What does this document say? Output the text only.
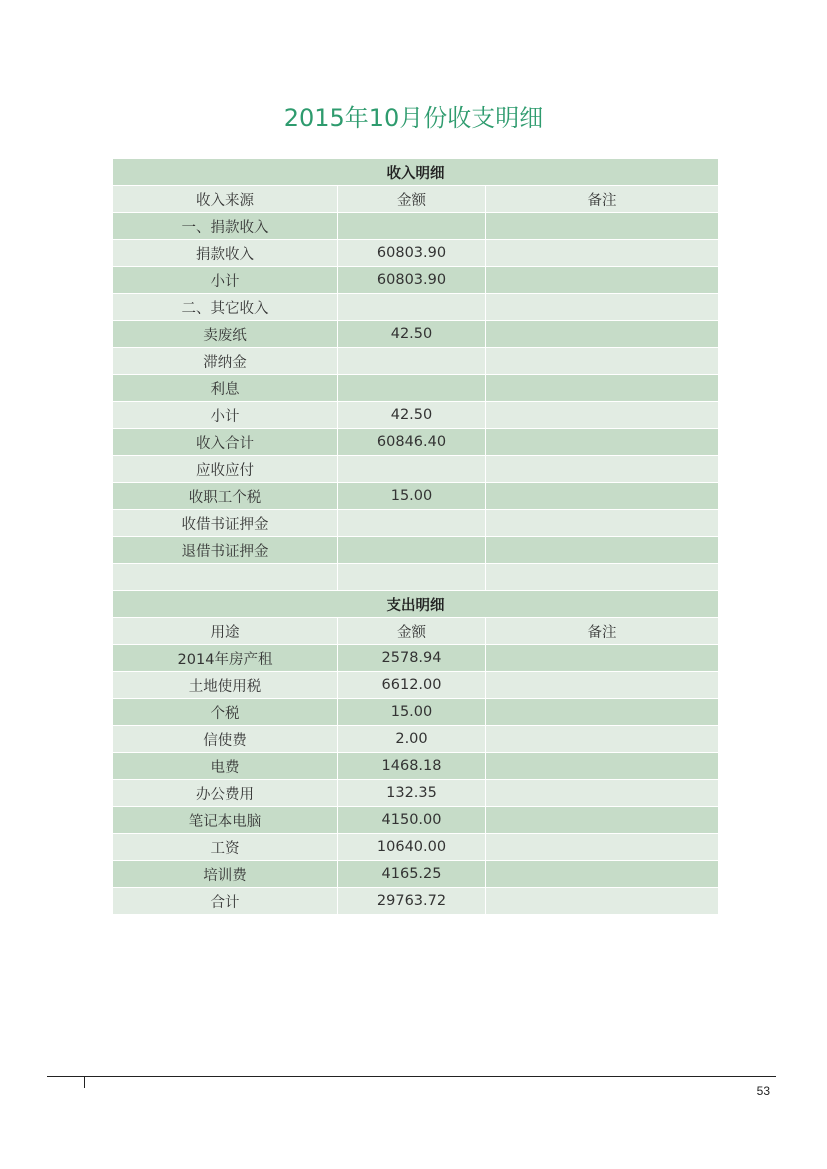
2015年10月份收支明细
收入明细		
收入来源	金额	备注
一、捐款收入		
捐款收入	60803.90	
小计	60803.90	
二、其它收入		
卖废纸	42.50	
滞纳金		
利息		
小计	42.50	
收入合计	60846.40	
应收应付		
收职工个税	15.00	
收借书证押金		
退借书证押金		

支出明细		
用途	金额	备注
2014年房产租	2578.94	
土地使用税	6612.00	
个税	15.00	
信使费	2.00	
电费	1468.18	
办公费用	132.35	
笔记本电脑	4150.00	
工资	10640.00	
培训费	4165.25	
合计	29763.72	
53
